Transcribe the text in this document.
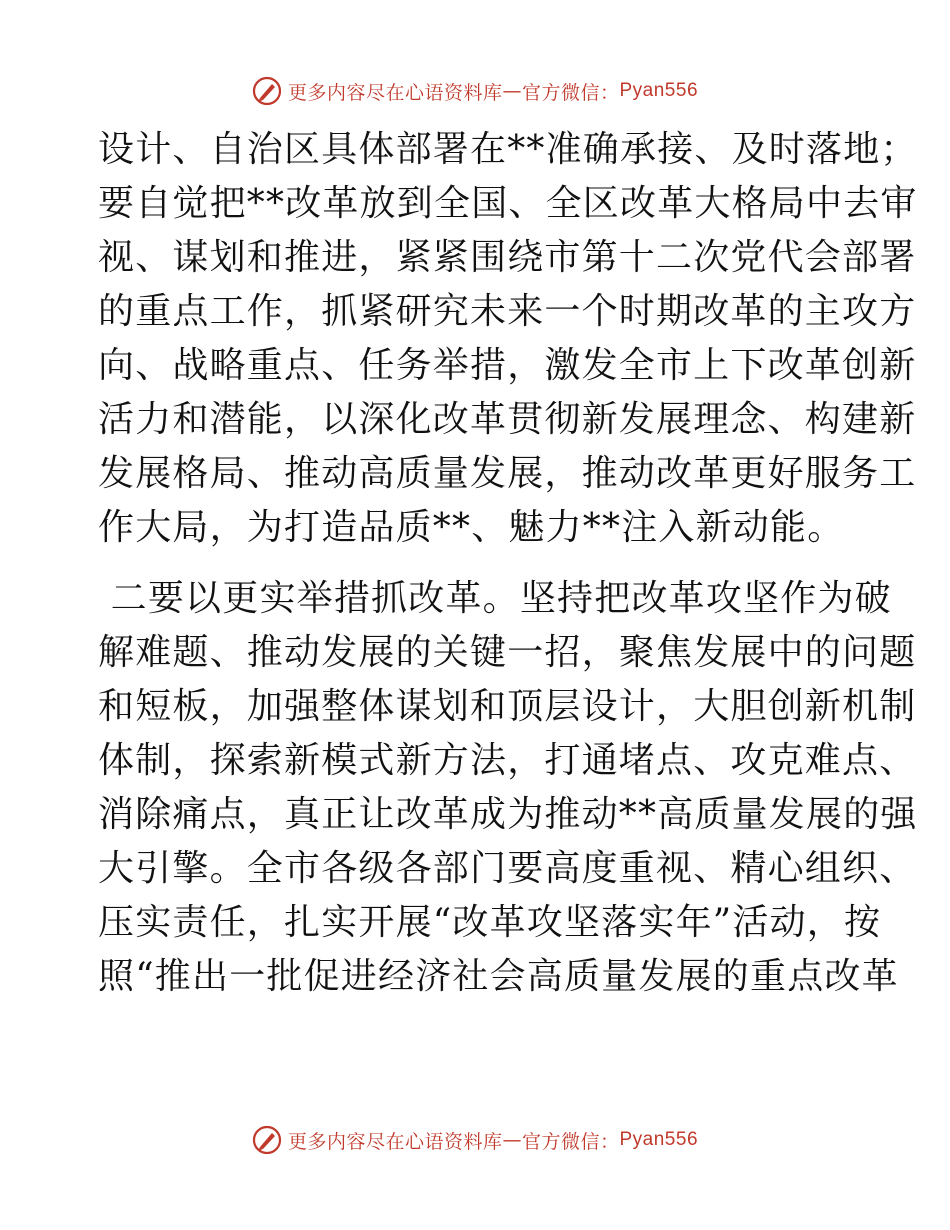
更多内容尽在心语资料库 — 官方微信： Pyan556
设计、自治区具体部署在**准确承接、及时落地；
要自觉把**改革放到全国、全区改革大格局中去审
视、谋划和推进，紧紧围绕市第十二次党代会部署
的重点工作，抓紧研究未来一个时期改革的主攻方
向、战略重点、任务举措，激发全市上下改革创新
活力和潜能，以深化改革贯彻新发展理念、构建新
发展格局、推动高质量发展，推动改革更好服务工
作大局，为打造品质**、魅力**注入新动能。
二要以更实举措抓改革。坚持把改革攻坚作为破
解难题、推动发展的关键一招，聚焦发展中的问题
和短板，加强整体谋划和顶层设计，大胆创新机制
体制，探索新模式新方法，打通堵点、攻克难点、
消除痛点，真正让改革成为推动**高质量发展的强
大引擎。全市各级各部门要高度重视、精心组织、
压实责任，扎实开展“改革攻坚落实年”活动，按
照“推出一批促进经济社会高质量发展的重点改革
更多内容尽在心语资料库 — 官方微信： Pyan556
